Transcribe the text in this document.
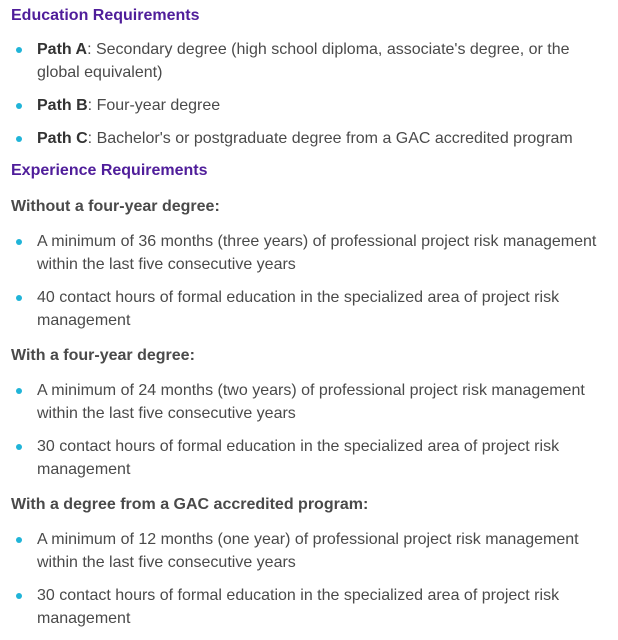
Education Requirements
Path A: Secondary degree (high school diploma, associate's degree, or the global equivalent)
Path B: Four-year degree
Path C: Bachelor's or postgraduate degree from a GAC accredited program
Experience Requirements
Without a four-year degree:
A minimum of 36 months (three years) of professional project risk management within the last five consecutive years
40 contact hours of formal education in the specialized area of project risk management
With a four-year degree:
A minimum of 24 months (two years) of professional project risk management within the last five consecutive years
30 contact hours of formal education in the specialized area of project risk management
With a degree from a GAC accredited program:
A minimum of 12 months (one year) of professional project risk management within the last five consecutive years
30 contact hours of formal education in the specialized area of project risk management
